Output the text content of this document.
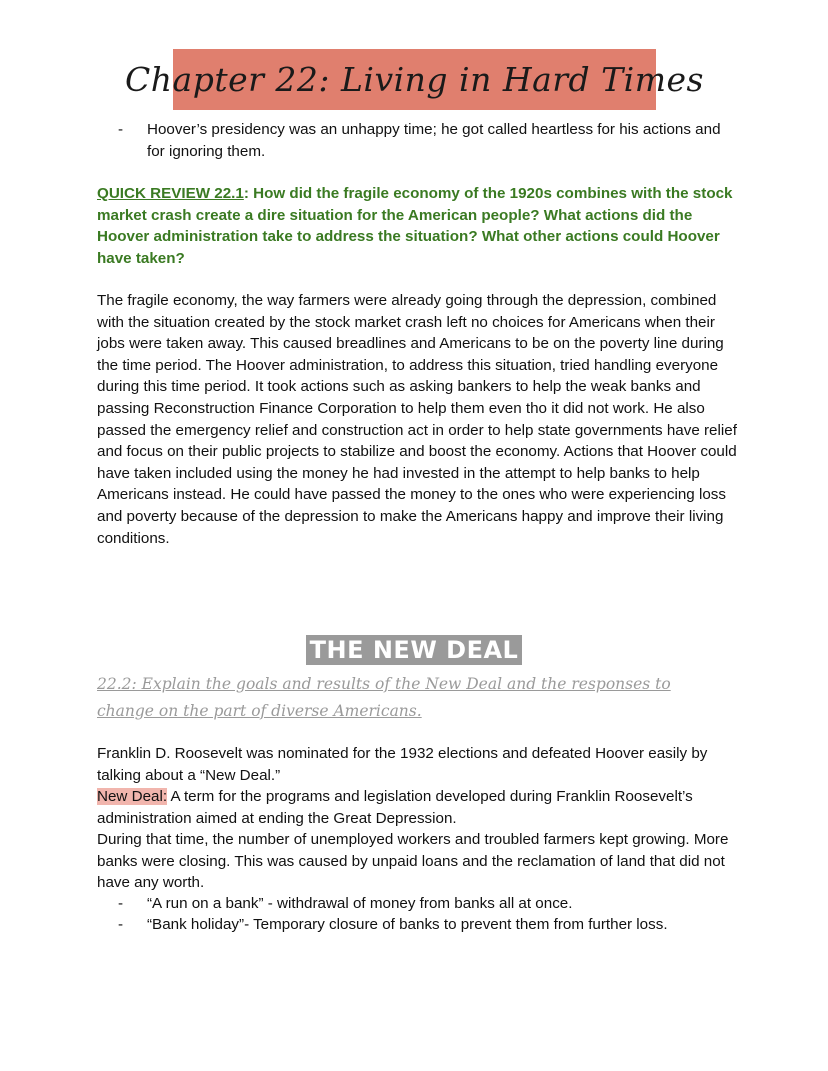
Chapter 22: Living in Hard Times
-	Hoover’s presidency was an unhappy time; he got called heartless for his actions and for ignoring them.
QUICK REVIEW 22.1: How did the fragile economy of the 1920s combines with the stock market crash create a dire situation for the American people? What actions did the Hoover administration take to address the situation? What other actions could Hoover have taken?
The fragile economy, the way farmers were already going through the depression, combined with the situation created by the stock market crash left no choices for Americans when their jobs were taken away. This caused breadlines and Americans to be on the poverty line during the time period. The Hoover administration, to address this situation, tried handling everyone during this time period. It took actions such as asking bankers to help the weak banks and passing Reconstruction Finance Corporation to help them even tho it did not work. He also passed the emergency relief and construction act in order to help state governments have relief and focus on their public projects to stabilize and boost the economy. Actions that Hoover could have taken included using the money he had invested in the attempt to help banks to help Americans instead. He could have passed the money to the ones who were experiencing loss and poverty because of the depression to make the Americans happy and improve their living conditions.
THE NEW DEAL
22.2: Explain the goals and results of the New Deal and the responses to change on the part of diverse Americans.
Franklin D. Roosevelt was nominated for the 1932 elections and defeated Hoover easily by talking about a “New Deal.”
New Deal: A term for the programs and legislation developed during Franklin Roosevelt’s administration aimed at ending the Great Depression.
During that time, the number of unemployed workers and troubled farmers kept growing. More banks were closing. This was caused by unpaid loans and the reclamation of land that did not have any worth.
-	“A run on a bank” - withdrawal of money from banks all at once.
-	“Bank holiday”- Temporary closure of banks to prevent them from further loss.
